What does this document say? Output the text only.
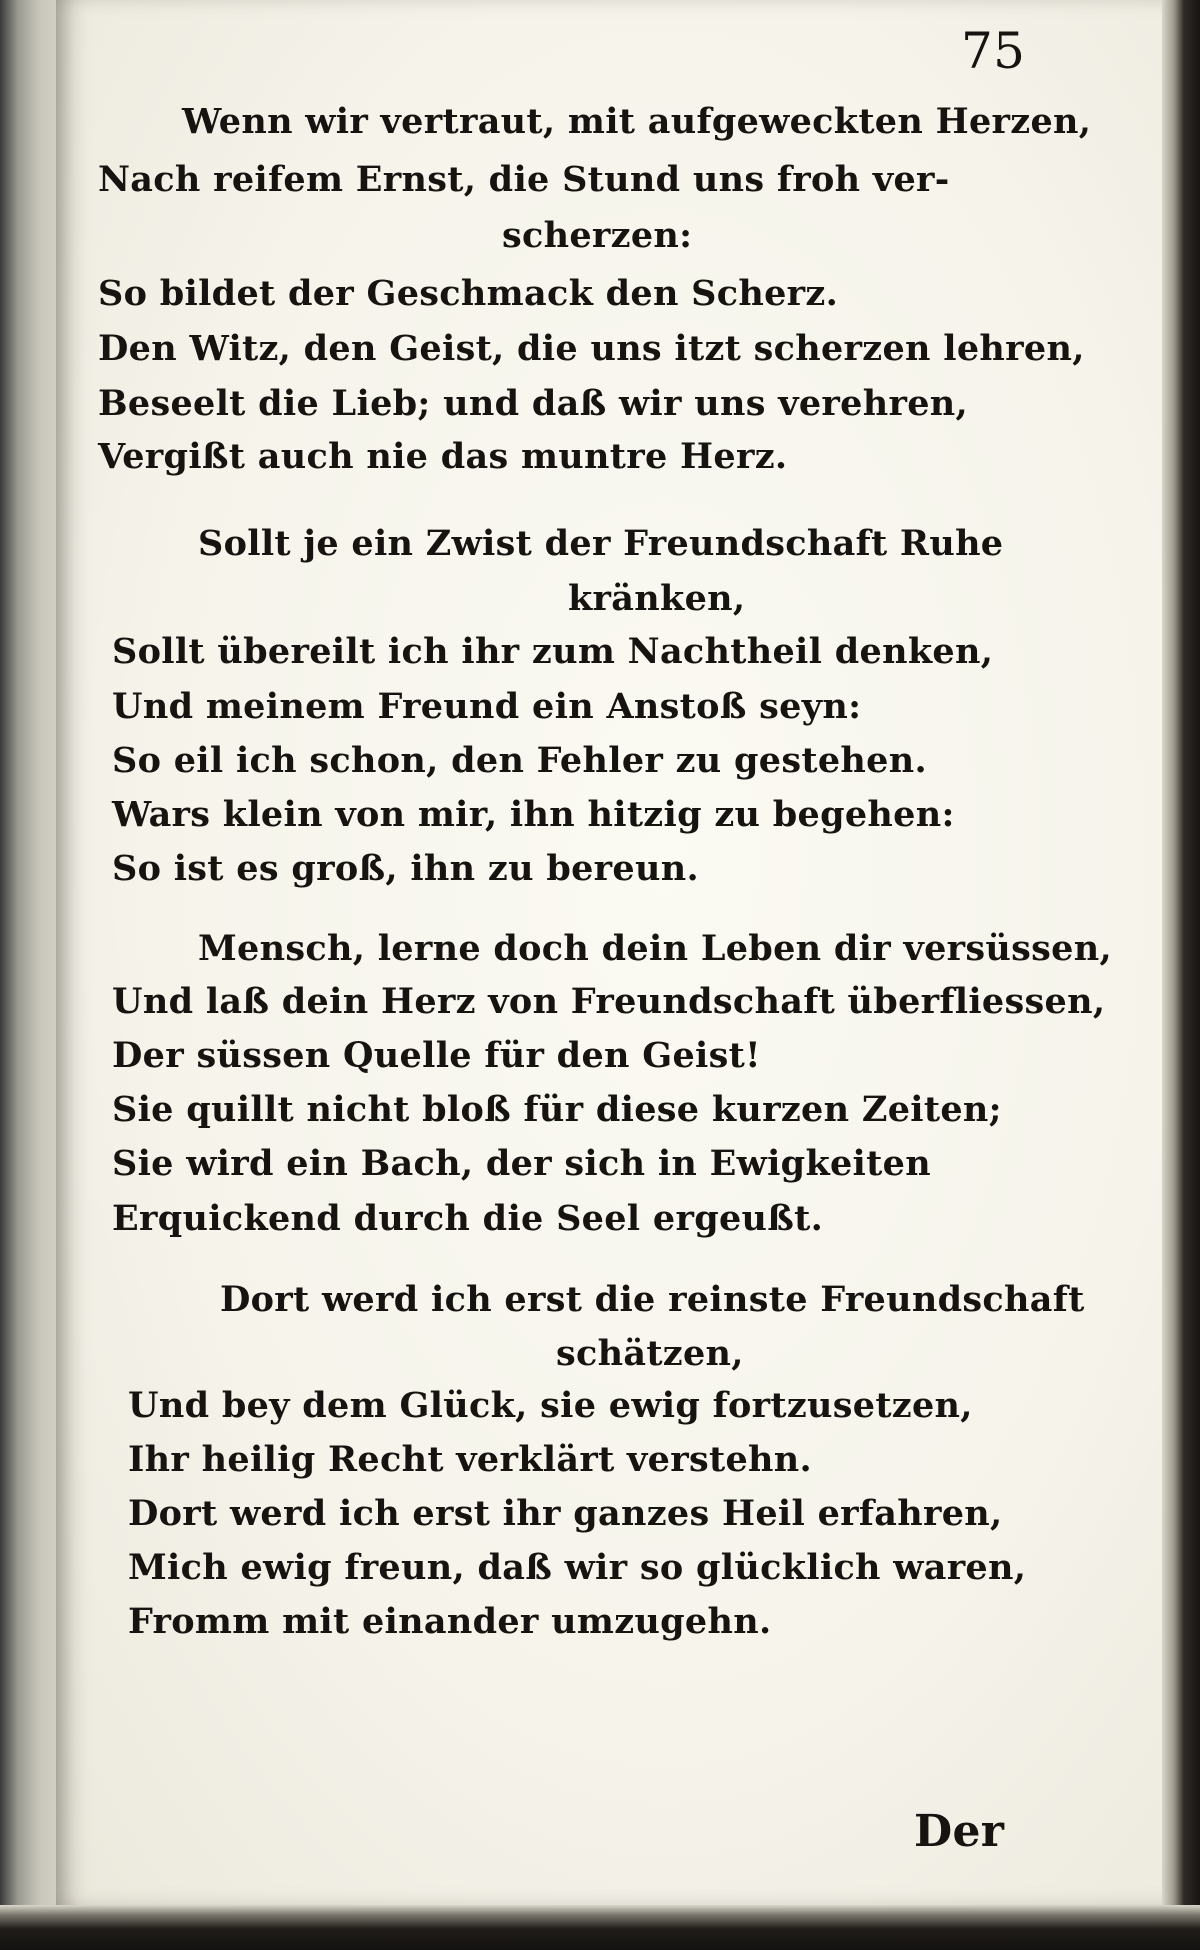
75
Wenn wir vertraut, mit aufgeweckten Herzen,
Nach reifem Ernst, die Stund uns froh ver-
scherzen:
So bildet der Geschmack den Scherz.
Den Witz, den Geist, die uns itzt scherzen lehren,
Beseelt die Lieb; und daß wir uns verehren,
Vergißt auch nie das muntre Herz.
Sollt je ein Zwist der Freundschaft Ruhe
kränken,
Sollt übereilt ich ihr zum Nachtheil denken,
Und meinem Freund ein Anstoß seyn:
So eil ich schon, den Fehler zu gestehen.
Wars klein von mir, ihn hitzig zu begehen:
So ist es groß, ihn zu bereun.
Mensch, lerne doch dein Leben dir versüssen,
Und laß dein Herz von Freundschaft überfliessen,
Der süssen Quelle für den Geist!
Sie quillt nicht bloß für diese kurzen Zeiten;
Sie wird ein Bach, der sich in Ewigkeiten
Erquickend durch die Seel ergeußt.
Dort werd ich erst die reinste Freundschaft
schätzen,
Und bey dem Glück, sie ewig fortzusetzen,
Ihr heilig Recht verklärt verstehn.
Dort werd ich erst ihr ganzes Heil erfahren,
Mich ewig freun, daß wir so glücklich waren,
Fromm mit einander umzugehn.
Der
